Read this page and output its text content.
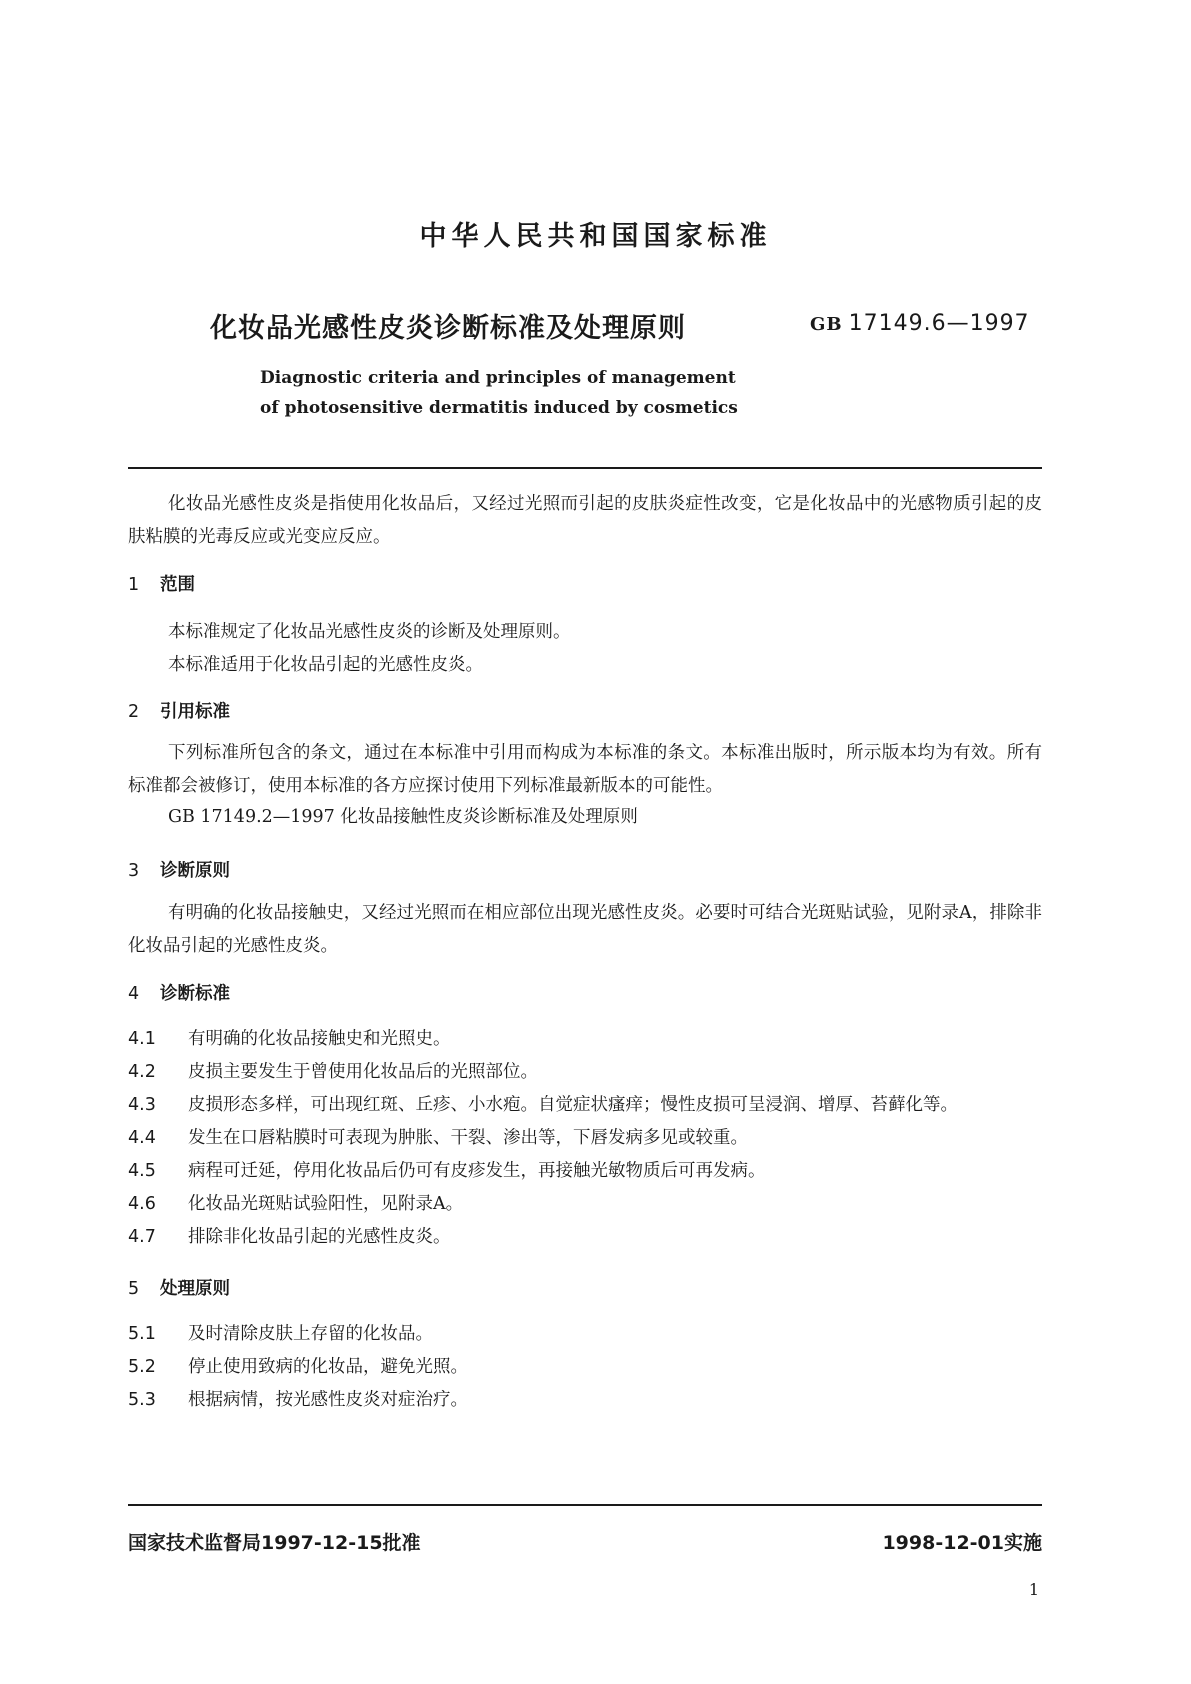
中华人民共和国国家标准
化妆品光感性皮炎诊断标准及处理原则	GB 17149.6—1997
Diagnostic criteria and principles of management
of photosensitive dermatitis induced by cosmetics

化妆品光感性皮炎是指使用化妆品后，又经过光照而引起的皮肤炎症性改变，它是化妆品中的光感物质引起的皮肤粘膜的光毒反应或光变应反应。

1 范围
本标准规定了化妆品光感性皮炎的诊断及处理原则。
本标准适用于化妆品引起的光感性皮炎。
2 引用标准

下列标准所包含的条文，通过在本标准中引用而构成为本标准的条文。本标准出版时，所示版本均为有效。所有标准都会被修订，使用本标准的各方应探讨使用下列标准最新版本的可能性。

GB 17149.2—1997 化妆品接触性皮炎诊断标准及处理原则
3 诊断原则

有明确的化妆品接触史，又经过光照而在相应部位出现光感性皮炎。必要时可结合光斑贴试验，见附录A，排除非化妆品引起的光感性皮炎。

4 诊断标准
4.1 有明确的化妆品接触史和光照史。
4.2 皮损主要发生于曾使用化妆品后的光照部位。
4.3 皮损形态多样，可出现红斑、丘疹、小水疱。自觉症状瘙痒；慢性皮损可呈浸润、增厚、苔藓化等。
4.4 发生在口唇粘膜时可表现为肿胀、干裂、渗出等，下唇发病多见或较重。
4.5 病程可迁延，停用化妆品后仍可有皮疹发生，再接触光敏物质后可再发病。
4.6 化妆品光斑贴试验阳性，见附录A。
4.7 排除非化妆品引起的光感性皮炎。
5 处理原则
5.1 及时清除皮肤上存留的化妆品。
5.2 停止使用致病的化妆品，避免光照。
5.3 根据病情，按光感性皮炎对症治疗。
国家技术监督局1997-12-15批准	1998-12-01实施
1
